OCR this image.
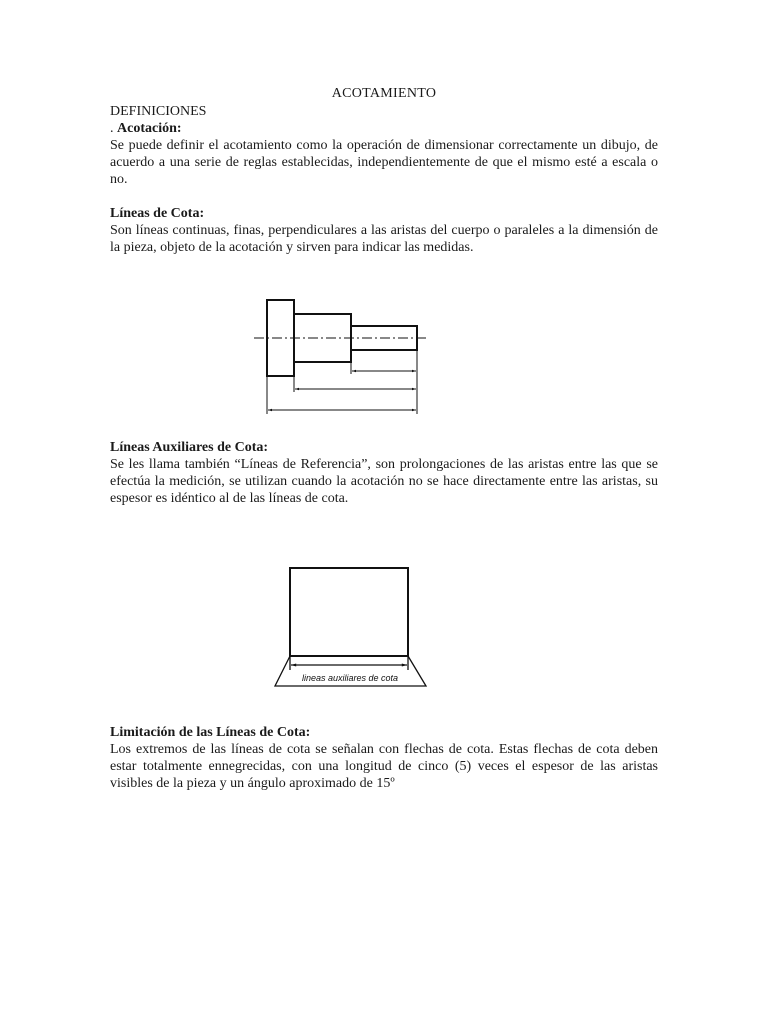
ACOTAMIENTO
DEFINICIONES
. Acotación:
Se puede definir el acotamiento como la operación de dimensionar correctamente un dibujo, de acuerdo a una serie de reglas establecidas, independientemente de que el mismo esté a escala o no.
Líneas de Cota:
Son líneas continuas, finas, perpendiculares a las aristas del cuerpo o paraleles a la dimensión de la pieza, objeto de la acotación y sirven para indicar las medidas.
Líneas Auxiliares de Cota:
Se les llama también “Líneas de Referencia”, son prolongaciones de las aristas entre las que se efectúa la medición, se utilizan cuando la acotación no se hace directamente entre las aristas, su espesor es idéntico al de las líneas de cota.
lineas auxiliares de cota
Limitación de las Líneas de Cota:
Los extremos de las líneas de cota se señalan con flechas de cota. Estas flechas de cota deben estar totalmente ennegrecidas, con una longitud de cinco (5) veces el espesor de las aristas visibles de la pieza y un ángulo aproximado de 15º
